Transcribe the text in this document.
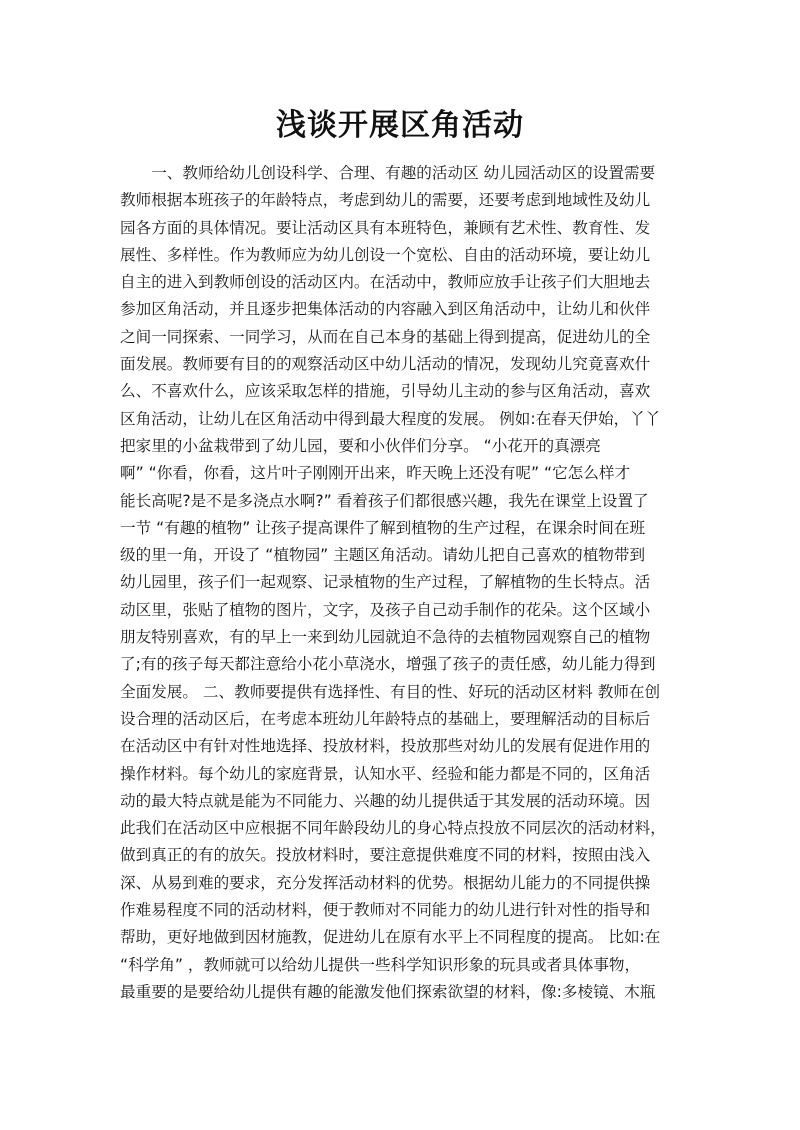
浅谈开展区角活动
　　一、教师给幼儿创设科学、合理、有趣的活动区 幼儿园活动区的设置需要
教师根据本班孩子的年龄特点，考虑到幼儿的需要，还要考虑到地域性及幼儿
园各方面的具体情况。要让活动区具有本班特色，兼顾有艺术性、教育性、发
展性、多样性。作为教师应为幼儿创设一个宽松、自由的活动环境，要让幼儿
自主的进入到教师创设的活动区内。在活动中，教师应放手让孩子们大胆地去
参加区角活动，并且逐步把集体活动的内容融入到区角活动中，让幼儿和伙伴
之间一同探索、一同学习，从而在自己本身的基础上得到提高，促进幼儿的全
面发展。教师要有目的的观察活动区中幼儿活动的情况，发现幼儿究竟喜欢什
么、不喜欢什么，应该采取怎样的措施，引导幼儿主动的参与区角活动，喜欢
区角活动，让幼儿在区角活动中得到最大程度的发展。 例如:在春天伊始，丫丫
把家里的小盆栽带到了幼儿园，要和小伙伴们分享。 “小花开的真漂亮
啊” “你看，你看，这片叶子刚刚开出来，昨天晚上还没有呢” “它怎么样才
能长高呢?是不是多浇点水啊?” 看着孩子们都很感兴趣，我先在课堂上设置了
一节 “有趣的植物” 让孩子提高课件了解到植物的生产过程，在课余时间在班
级的里一角，开设了 “植物园” 主题区角活动。请幼儿把自己喜欢的植物带到
幼儿园里，孩子们一起观察、记录植物的生产过程，了解植物的生长特点。活
动区里，张贴了植物的图片，文字，及孩子自己动手制作的花朵。这个区域小
朋友特别喜欢，有的早上一来到幼儿园就迫不急待的去植物园观察自己的植物
了;有的孩子每天都注意给小花小草浇水，增强了孩子的责任感，幼儿能力得到
全面发展。 二、教师要提供有选择性、有目的性、好玩的活动区材料 教师在创
设合理的活动区后，在考虑本班幼儿年龄特点的基础上，要理解活动的目标后
在活动区中有针对性地选择、投放材料，投放那些对幼儿的发展有促进作用的
操作材料。每个幼儿的家庭背景，认知水平、经验和能力都是不同的，区角活
动的最大特点就是能为不同能力、兴趣的幼儿提供适于其发展的活动环境。因
此我们在活动区中应根据不同年龄段幼儿的身心特点投放不同层次的活动材料，
做到真正的有的放矢。投放材料时，要注意提供难度不同的材料，按照由浅入
深、从易到难的要求，充分发挥活动材料的优势。根据幼儿能力的不同提供操
作难易程度不同的活动材料，便于教师对不同能力的幼儿进行针对性的指导和
帮助，更好地做到因材施教，促进幼儿在原有水平上不同程度的提高。 比如:在
“科学角” ，教师就可以给幼儿提供一些科学知识形象的玩具或者具体事物，
最重要的是要给幼儿提供有趣的能激发他们探索欲望的材料，像:多棱镜、木瓶
